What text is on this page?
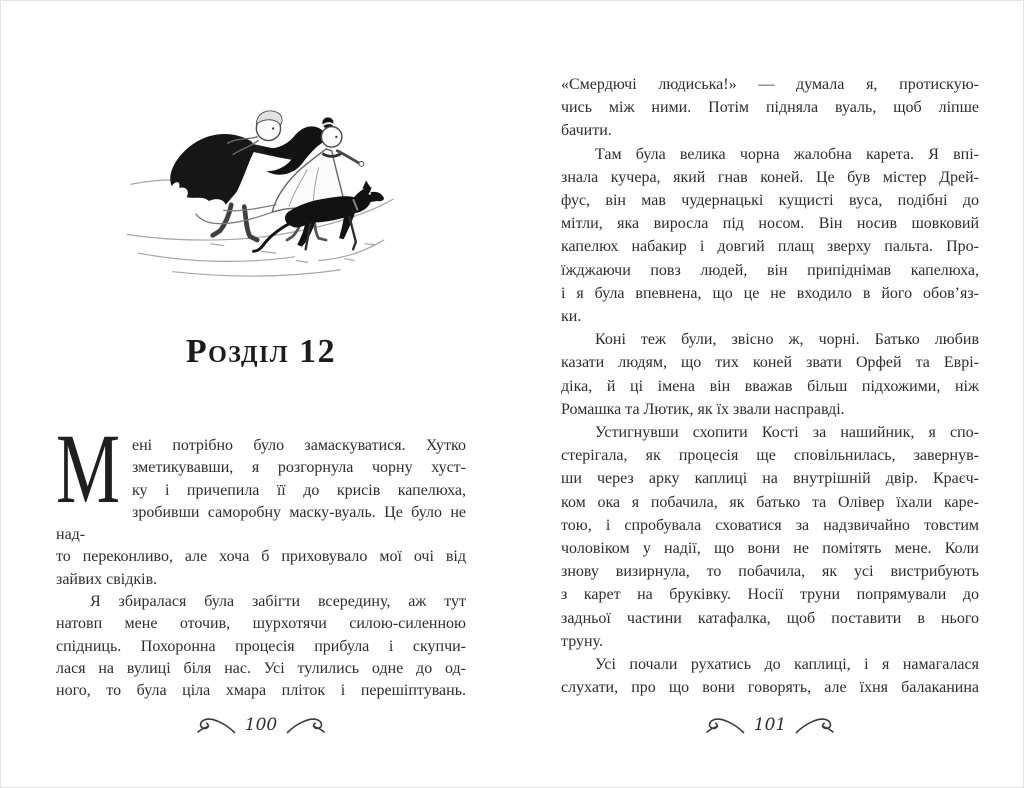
Розділ 12
М ені потрібно було замаскуватися. Хутко
зметикувавши, я розгорнула чорну хуст-
ку і причепила її до крисів капелюха,
зробивши саморобну маску-вуаль. Це було не над-
то переконливо, але хоча б приховувало мої очі від
зайвих свідків.
Я збиралася була забігти всередину, аж тут
натовп мене оточив, шурхотячи силою-силенною
спідниць. Похоронна процесія прибула і скупчи-
лася на вулиці біля нас. Усі тулились одне до од-
ного, то була ціла хмара пліток і перешіптувань.
«Смердючі людиська!» — думала я, протискую-
чись між ними. Потім підняла вуаль, щоб ліпше
бачити.
Там була велика чорна жалобна карета. Я впі-
знала кучера, який гнав коней. Це був містер Дрей-
фус, він мав чудернацькі кущисті вуса, подібні до
мітли, яка виросла під носом. Він носив шовковий
капелюх набакир і довгий плащ зверху пальта. Про-
їжджаючи повз людей, він припіднімав капелюха,
і я була впевнена, що це не входило в його обов’яз-
ки.
Коні теж були, звісно ж, чорні. Батько любив
казати людям, що тих коней звати Орфей та Еврі-
діка, й ці імена він вважав більш підхожими, ніж
Ромашка та Лютик, як їх звали насправді.
Устигнувши схопити Кості за нашийник, я спо-
стерігала, як процесія ще сповільнилась, завернув-
ши через арку каплиці на внутрішній двір. Краєч-
ком ока я побачила, як батько та Олівер їхали каре-
тою, і спробувала сховатися за надзвичайно товстим
чоловіком у надії, що вони не помітять мене. Коли
знову визирнула, то побачила, як усі вистрибують
з карет на бруківку. Носії труни попрямували до
задньої частини катафалка, щоб поставити в нього
труну.
Усі почали рухатись до каплиці, і я намагалася
слухати, про що вони говорять, але їхня балаканина
100	101
